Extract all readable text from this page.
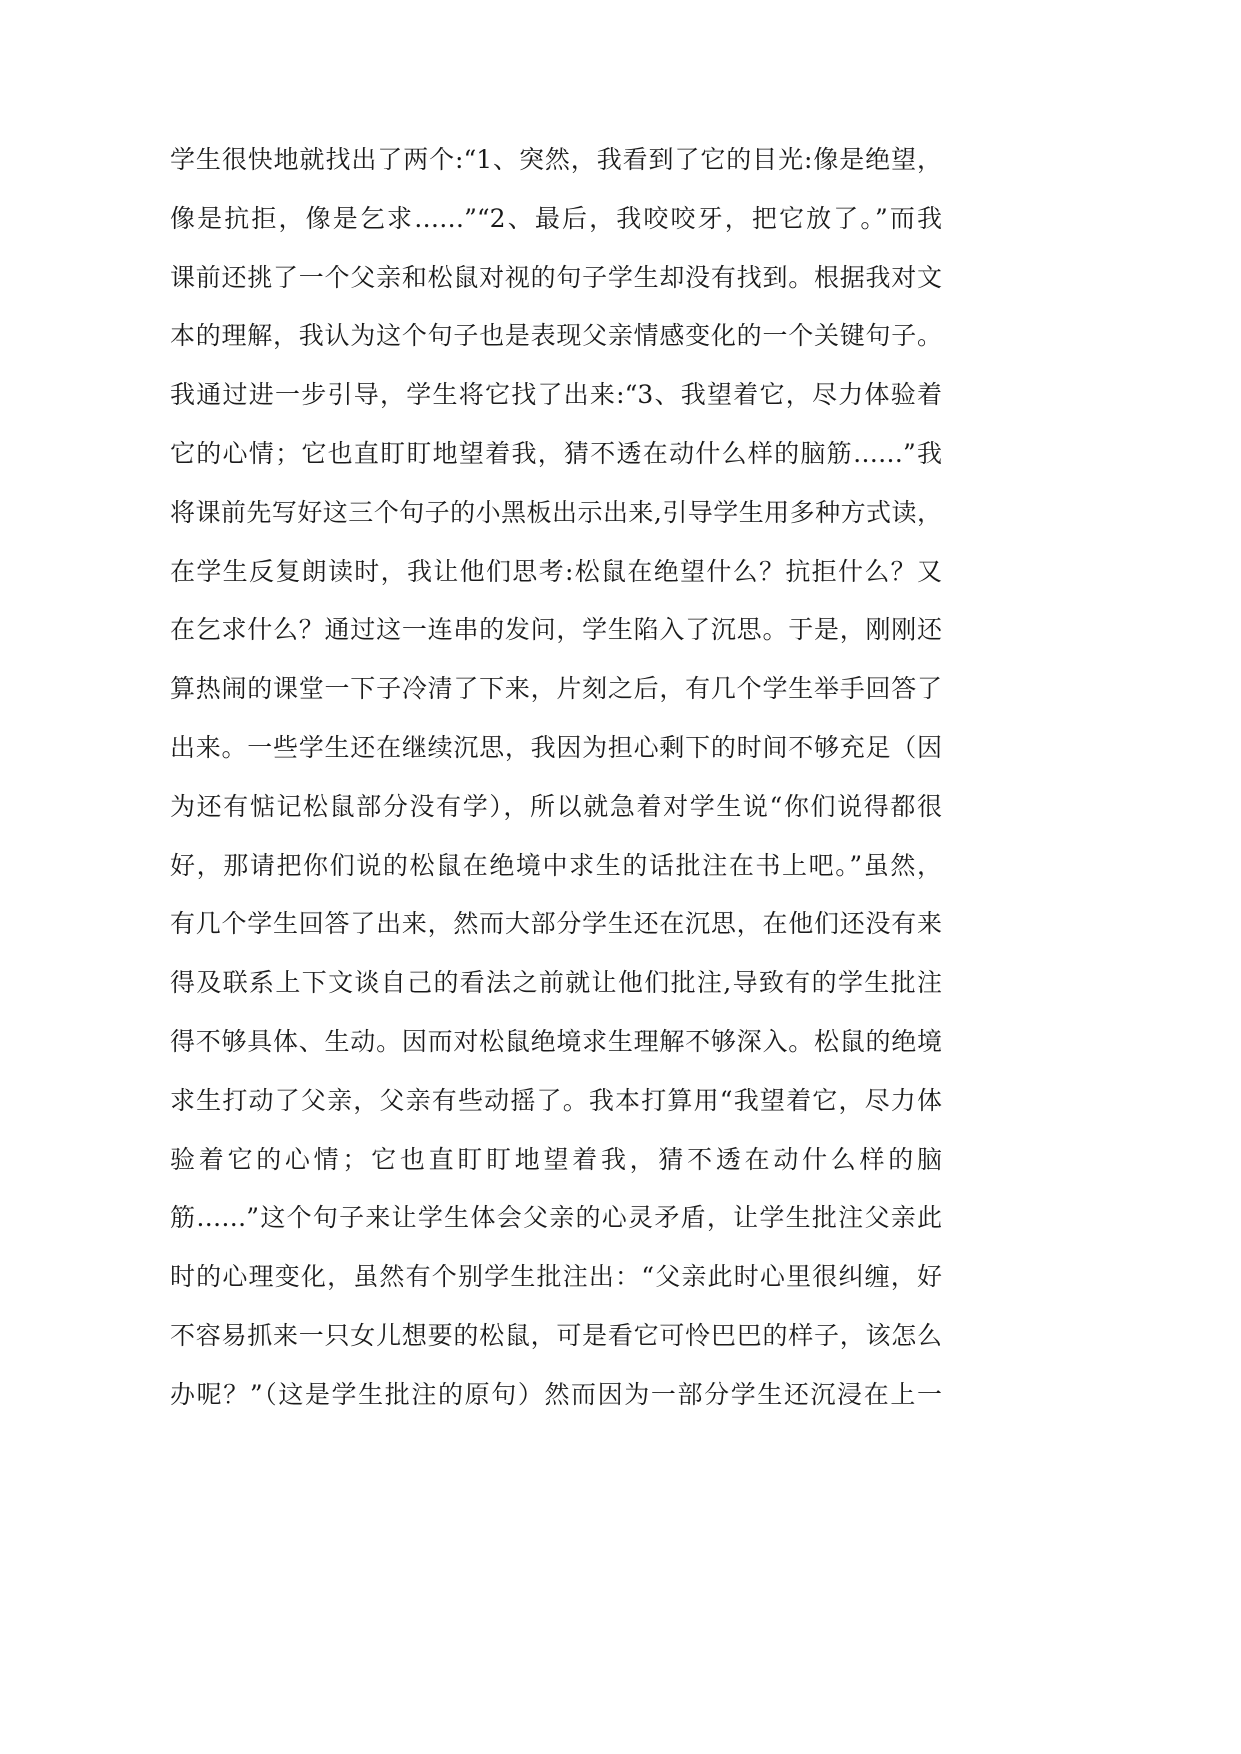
学生很快地就找出了两个:“1、突然，我看到了它的目光:像是绝望，
像是抗拒，像是乞求……”“2、最后，我咬咬牙，把它放了。”而我
课前还挑了一个父亲和松鼠对视的句子学生却没有找到。根据我对文
本的理解，我认为这个句子也是表现父亲情感变化的一个关键句子。
我通过进一步引导，学生将它找了出来:“3、我望着它，尽力体验着
它的心情；它也直盯盯地望着我，猜不透在动什么样的脑筋……”我
将课前先写好这三个句子的小黑板出示出来,引导学生用多种方式读，
在学生反复朗读时，我让他们思考:松鼠在绝望什么？抗拒什么？又
在乞求什么？通过这一连串的发问，学生陷入了沉思。于是，刚刚还
算热闹的课堂一下子冷清了下来，片刻之后，有几个学生举手回答了
出来。一些学生还在继续沉思，我因为担心剩下的时间不够充足（因
为还有惦记松鼠部分没有学），所以就急着对学生说“你们说得都很
好，那请把你们说的松鼠在绝境中求生的话批注在书上吧。”虽然，
有几个学生回答了出来，然而大部分学生还在沉思，在他们还没有来
得及联系上下文谈自己的看法之前就让他们批注,导致有的学生批注
得不够具体、生动。因而对松鼠绝境求生理解不够深入。松鼠的绝境
求生打动了父亲，父亲有些动摇了。我本打算用“我望着它，尽力体
验着它的心情；它也直盯盯地望着我，猜不透在动什么样的脑
筋……”这个句子来让学生体会父亲的心灵矛盾，让学生批注父亲此
时的心理变化，虽然有个别学生批注出：“父亲此时心里很纠缠，好
不容易抓来一只女儿想要的松鼠，可是看它可怜巴巴的样子，该怎么
办呢？”（这是学生批注的原句）然而因为一部分学生还沉浸在上一
